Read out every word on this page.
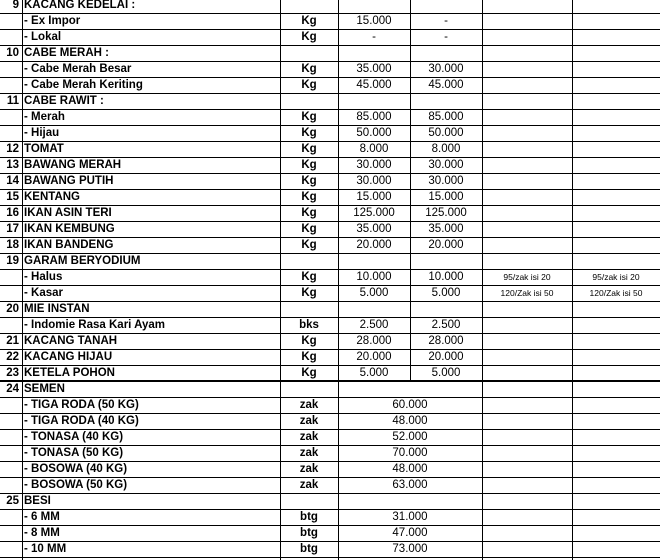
9 KACANG KEDELAI :
- Ex Impor	Kg	15.000	-
- Lokal	Kg	-	-
10 CABE MERAH :
- Cabe Merah Besar	Kg	35.000	30.000
- Cabe Merah Keriting	Kg	45.000	45.000
11 CABE RAWIT :
- Merah	Kg	85.000	85.000
- Hijau	Kg	50.000	50.000
12 TOMAT	Kg	8.000	8.000
13 BAWANG MERAH	Kg	30.000	30.000
14 BAWANG PUTIH	Kg	30.000	30.000
15 KENTANG	Kg	15.000	15.000
16 IKAN ASIN TERI	Kg	125.000	125.000
17 IKAN KEMBUNG	Kg	35.000	35.000
18 IKAN BANDENG	Kg	20.000	20.000
19 GARAM BERYODIUM
- Halus	Kg	10.000	10.000	95/zak isi 20	95/zak isi 20
- Kasar	Kg	5.000	5.000	120/Zak isi 50	120/Zak isi 50
20 MIE INSTAN
- Indomie Rasa Kari Ayam	bks	2.500	2.500
21 KACANG TANAH	Kg	28.000	28.000
22 KACANG HIJAU	Kg	20.000	20.000
23 KETELA POHON	Kg	5.000	5.000
24 SEMEN
- TIGA RODA (50 KG)	zak	60.000
- TIGA RODA (40 KG)	zak	48.000
- TONASA (40 KG)	zak	52.000
- TONASA (50 KG)	zak	70.000
- BOSOWA (40 KG)	zak	48.000
- BOSOWA (50 KG)	zak	63.000
25 BESI
- 6 MM	btg	31.000
- 8 MM	btg	47.000
- 10 MM	btg	73.000
